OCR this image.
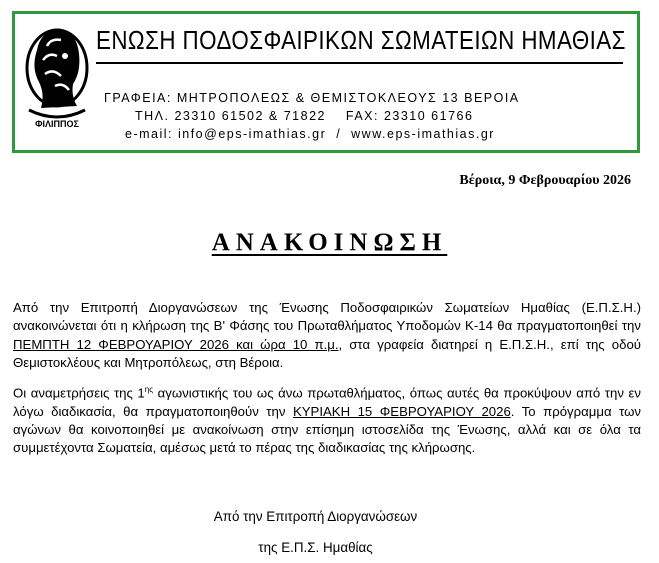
ΦΙΛΙΠΠΟΣ
ΕΝΩΣΗ ΠΟΔΟΣΦΑΙΡΙΚΩΝ ΣΩΜΑΤΕΙΩΝ ΗΜΑΘΙΑΣ
ΓΡΑΦΕΙΑ: ΜΗΤΡΟΠΟΛΕΩΣ & ΘΕΜΙΣΤΟΚΛΕΟΥΣ 13 ΒΕΡΟΙΑ
ΤΗΛ. 23310 61502 & 71822    FAX: 23310 61766
e-mail: info@eps-imathias.gr  /  www.eps-imathias.gr
Βέροια, 9 Φεβρουαρίου 2026
ΑΝΑΚΟΙΝΩΣΗ
Από την Επιτροπή Διοργανώσεων της Ένωσης Ποδοσφαιρικών Σωματείων Ημαθίας (Ε.Π.Σ.Η.) ανακοινώνεται ότι η κλήρωση της Β' Φάσης του Πρωταθλήματος Υποδομών Κ-14 θα πραγματοποιηθεί την ΠΕΜΠΤΗ 12 ΦΕΒΡΟΥΑΡΙΟΥ 2026 και ώρα 10 π.μ., στα γραφεία διατηρεί η Ε.Π.Σ.Η., επί της οδού Θεμιστοκλέους και Μητροπόλεως, στη Βέροια.
Οι αναμετρήσεις της $1^{\eta\varsigma}$ αγωνιστικής του ως άνω πρωταθλήματος, όπως αυτές θα προκύψουν από την εν λόγω διαδικασία, θα πραγματοποιηθούν την ΚΥΡΙΑΚΗ 15 ΦΕΒΡΟΥΑΡΙΟΥ 2026. Το πρόγραμμα των αγώνων θα κοινοποιηθεί με ανακοίνωση στην επίσημη ιστοσελίδα της Ένωσης, αλλά και σε όλα τα συμμετέχοντα Σωματεία, αμέσως μετά το πέρας της διαδικασίας της κλήρωσης.
Από την Επιτροπή Διοργανώσεων
της Ε.Π.Σ. Ημαθίας
